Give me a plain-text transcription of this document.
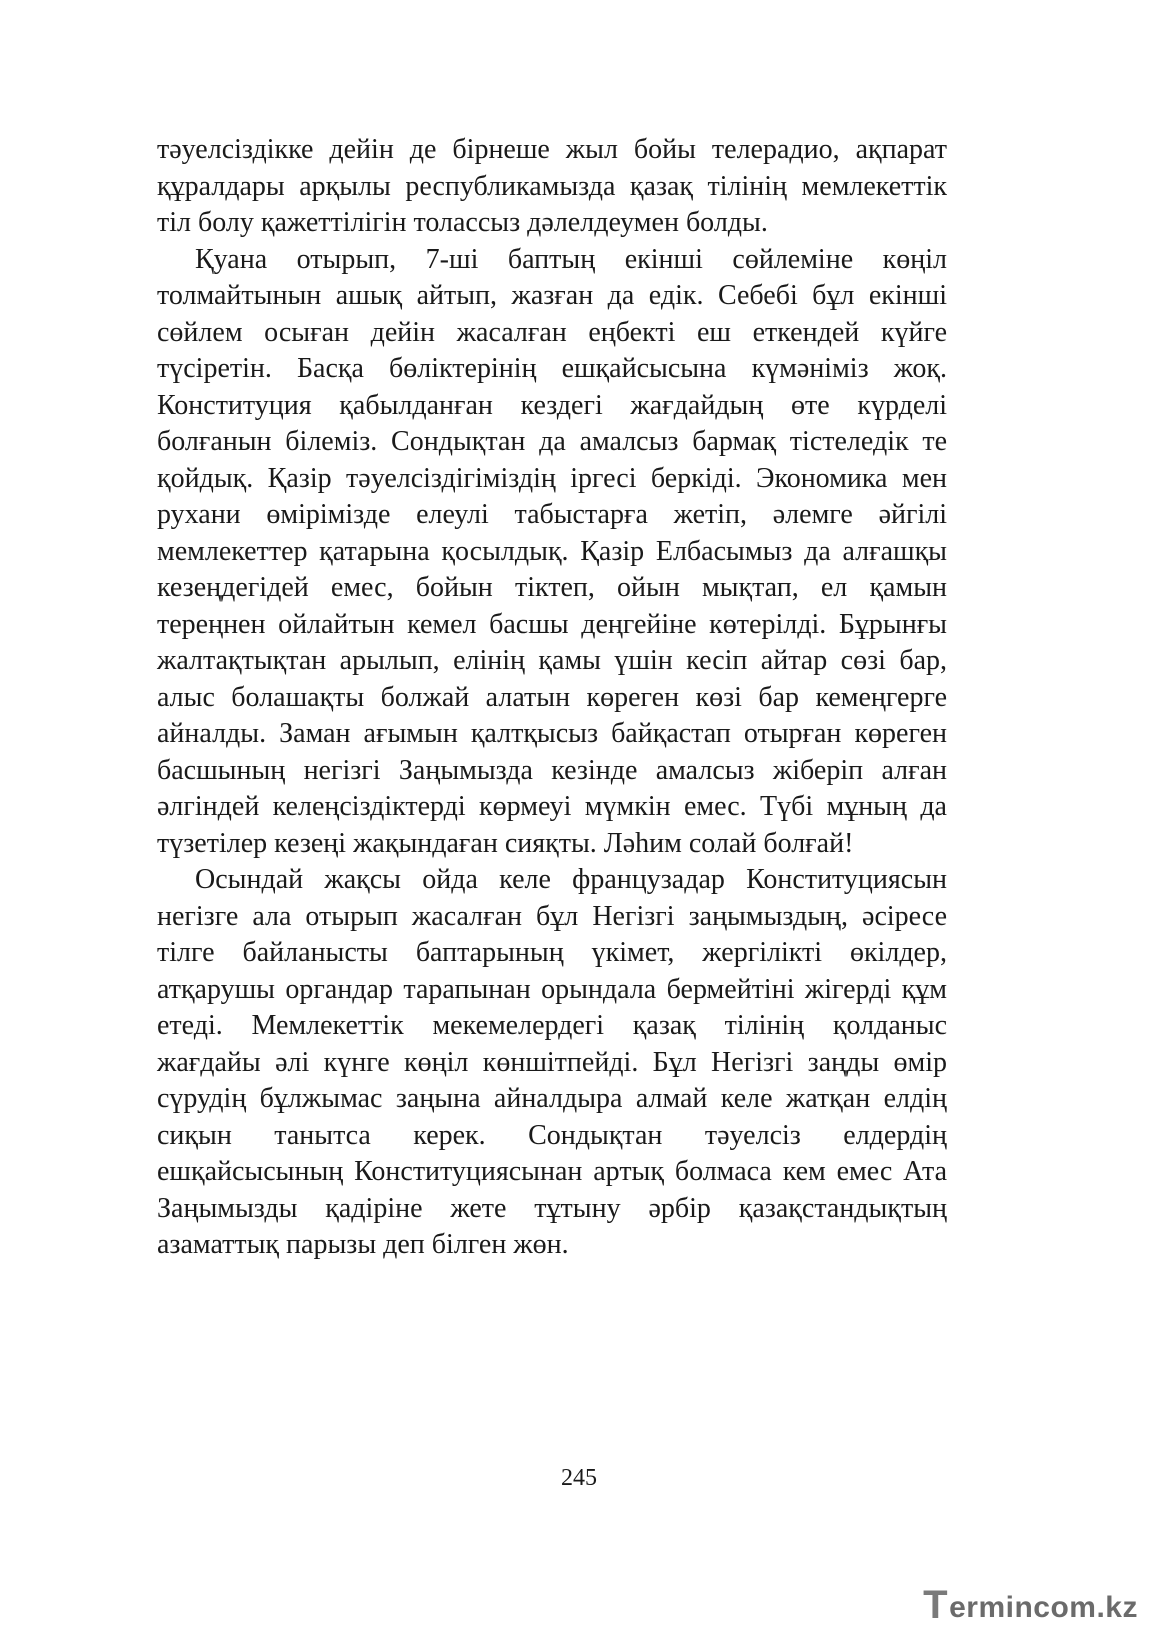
тәуелсіздікке дейін де бірнеше жыл бойы телерадио, ақпарат құралдары арқылы республикамызда қазақ тілінің мемлекеттік тіл болу қажеттілігін толассыз дәлелдеумен болды.

Қуана отырып, 7-ші баптың екінші сөйлеміне көңіл толмайтынын ашық айтып, жазған да едік. Себебі бұл екінші сөйлем осыған дейін жасалған еңбекті еш еткендей күйге түсіретін. Басқа бөліктерінің ешқайсысына күмәніміз жоқ. Конституция қабылданған кездегі жағдайдың өте күрделі болғанын білеміз. Сондықтан да амалсыз бармақ тістеледік те қойдық. Қазір тәуелсіздігіміздің іргесі беркіді. Экономика мен рухани өмірімізде елеулі табыстарға жетіп, әлемге әйгілі мемлекеттер қатарына қосылдық. Қазір Елбасымыз да алғашқы кезеңдегідей емес, бойын тіктеп, ойын мықтап, ел қамын тереңнен ойлайтын кемел басшы деңгейіне көтерілді. Бұрынғы жалтақтықтан арылып, елінің қамы үшін кесіп айтар сөзі бар, алыс болашақты болжай алатын көреген көзі бар кемеңгерге айналды. Заман ағымын қалтқысыз байқастап отырған көреген басшының негізгі Заңымызда кезінде амалсыз жіберіп алған әлгіндей келеңсіздіктерді көрмеуі мүмкін емес. Түбі мұның да түзетілер кезеңі жақындаған сияқты. Ләһим солай болғай!

Осындай жақсы ойда келе французадар Конституциясын негізге ала отырып жасалған бұл Негізгі заңымыздың, әсіресе тілге байланысты баптарының үкімет, жергілікті өкілдер, атқарушы органдар тарапынан орындала бермейтіні жігерді құм етеді. Мемлекеттік мекемелердегі қазақ тілінің қолданыс жағдайы әлі күнге көңіл көншітпейді. Бұл Негізгі заңды өмір сүрудің бұлжымас заңына айналдыра алмай келе жатқан елдің сиқын танытса керек. Сондықтан тәуелсіз елдердің ешқайсысының Конституциясынан артық болмаса кем емес Ата Заңымызды қадіріне жете тұтыну әрбір қазақстандықтың азаматтық парызы деп білген жөн.

245
T ermincom.kz
